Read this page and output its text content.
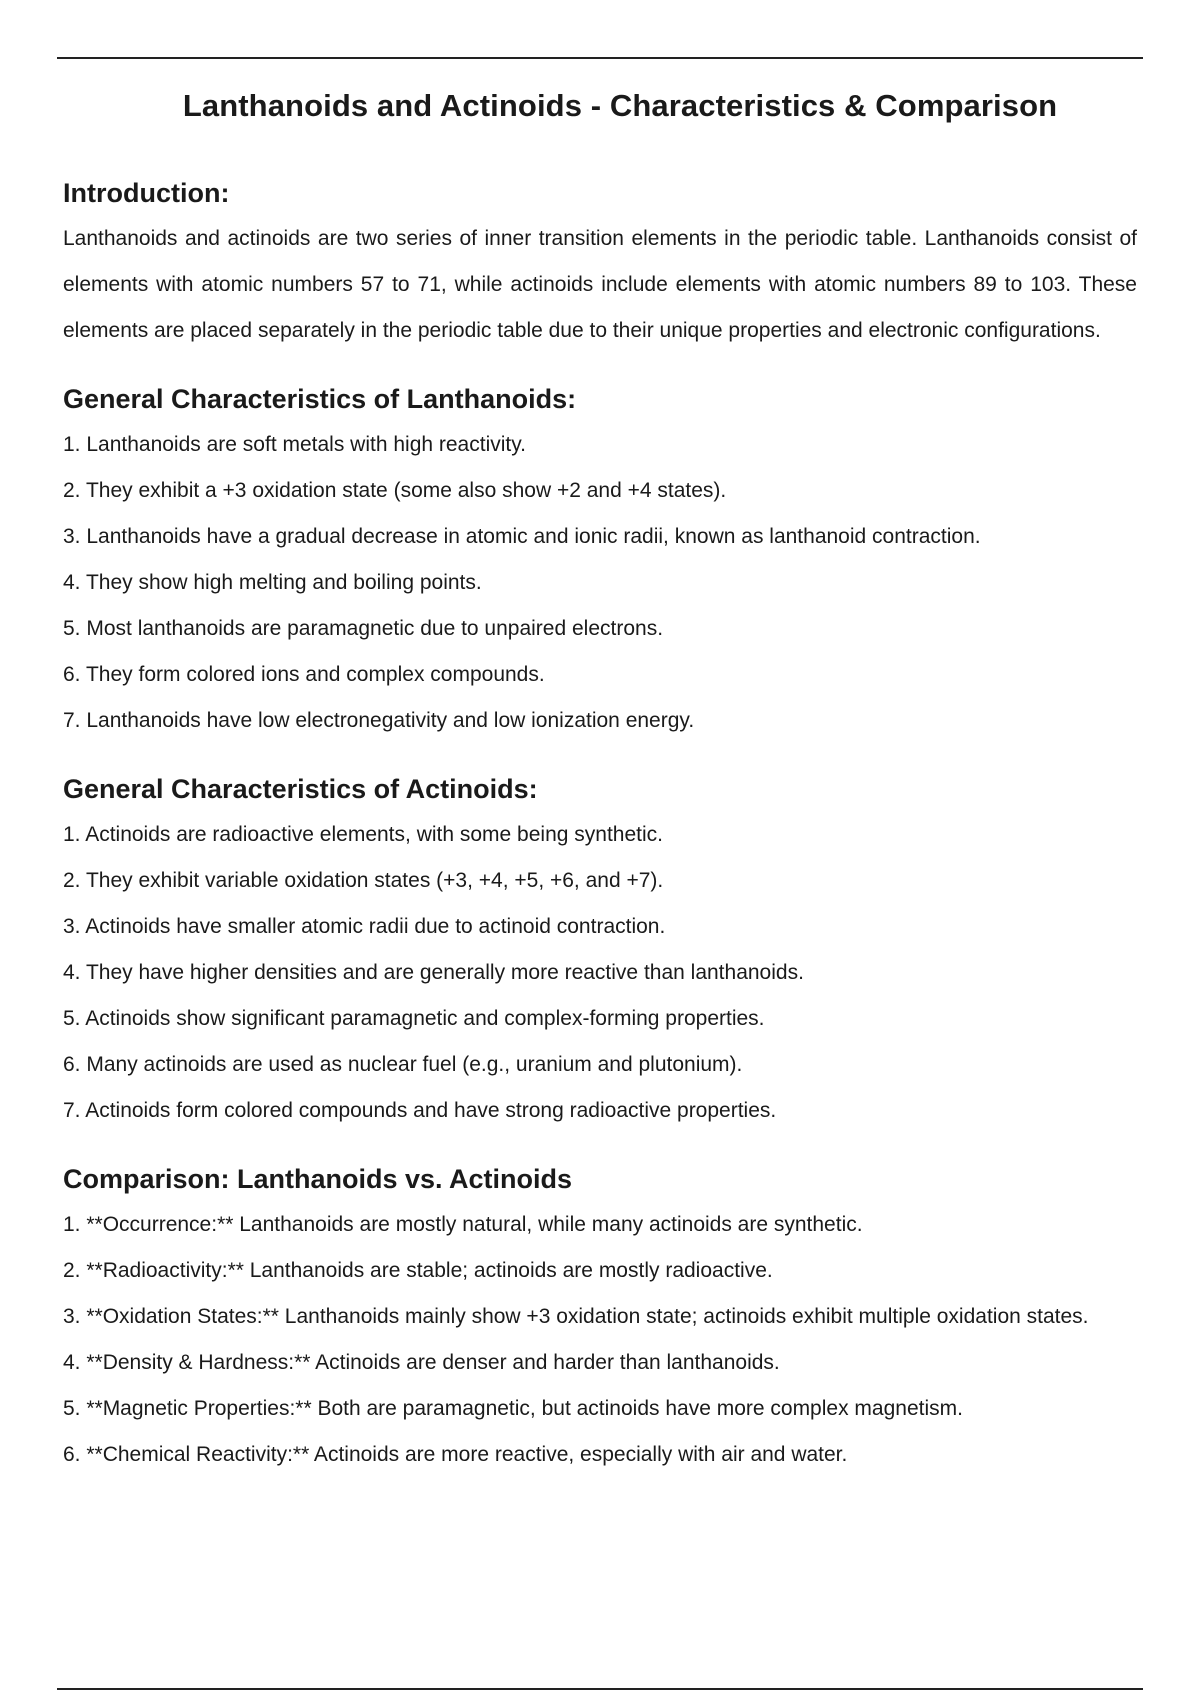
Lanthanoids and Actinoids - Characteristics & Comparison
Introduction:

Lanthanoids and actinoids are two series of inner transition elements in the periodic table. Lanthanoids consist of elements with atomic numbers 57 to 71, while actinoids include elements with atomic numbers 89 to 103. These elements are placed separately in the periodic table due to their unique properties and electronic configurations.

General Characteristics of Lanthanoids:
1. Lanthanoids are soft metals with high reactivity.
2. They exhibit a +3 oxidation state (some also show +2 and +4 states).
3. Lanthanoids have a gradual decrease in atomic and ionic radii, known as lanthanoid contraction.
4. They show high melting and boiling points.
5. Most lanthanoids are paramagnetic due to unpaired electrons.
6. They form colored ions and complex compounds.
7. Lanthanoids have low electronegativity and low ionization energy.
General Characteristics of Actinoids:
1. Actinoids are radioactive elements, with some being synthetic.
2. They exhibit variable oxidation states (+3, +4, +5, +6, and +7).
3. Actinoids have smaller atomic radii due to actinoid contraction.
4. They have higher densities and are generally more reactive than lanthanoids.
5. Actinoids show significant paramagnetic and complex-forming properties.
6. Many actinoids are used as nuclear fuel (e.g., uranium and plutonium).
7. Actinoids form colored compounds and have strong radioactive properties.
Comparison: Lanthanoids vs. Actinoids
1. **Occurrence:** Lanthanoids are mostly natural, while many actinoids are synthetic.
2. **Radioactivity:** Lanthanoids are stable; actinoids are mostly radioactive.
3. **Oxidation States:** Lanthanoids mainly show +3 oxidation state; actinoids exhibit multiple oxidation states.
4. **Density & Hardness:** Actinoids are denser and harder than lanthanoids.
5. **Magnetic Properties:** Both are paramagnetic, but actinoids have more complex magnetism.
6. **Chemical Reactivity:** Actinoids are more reactive, especially with air and water.
